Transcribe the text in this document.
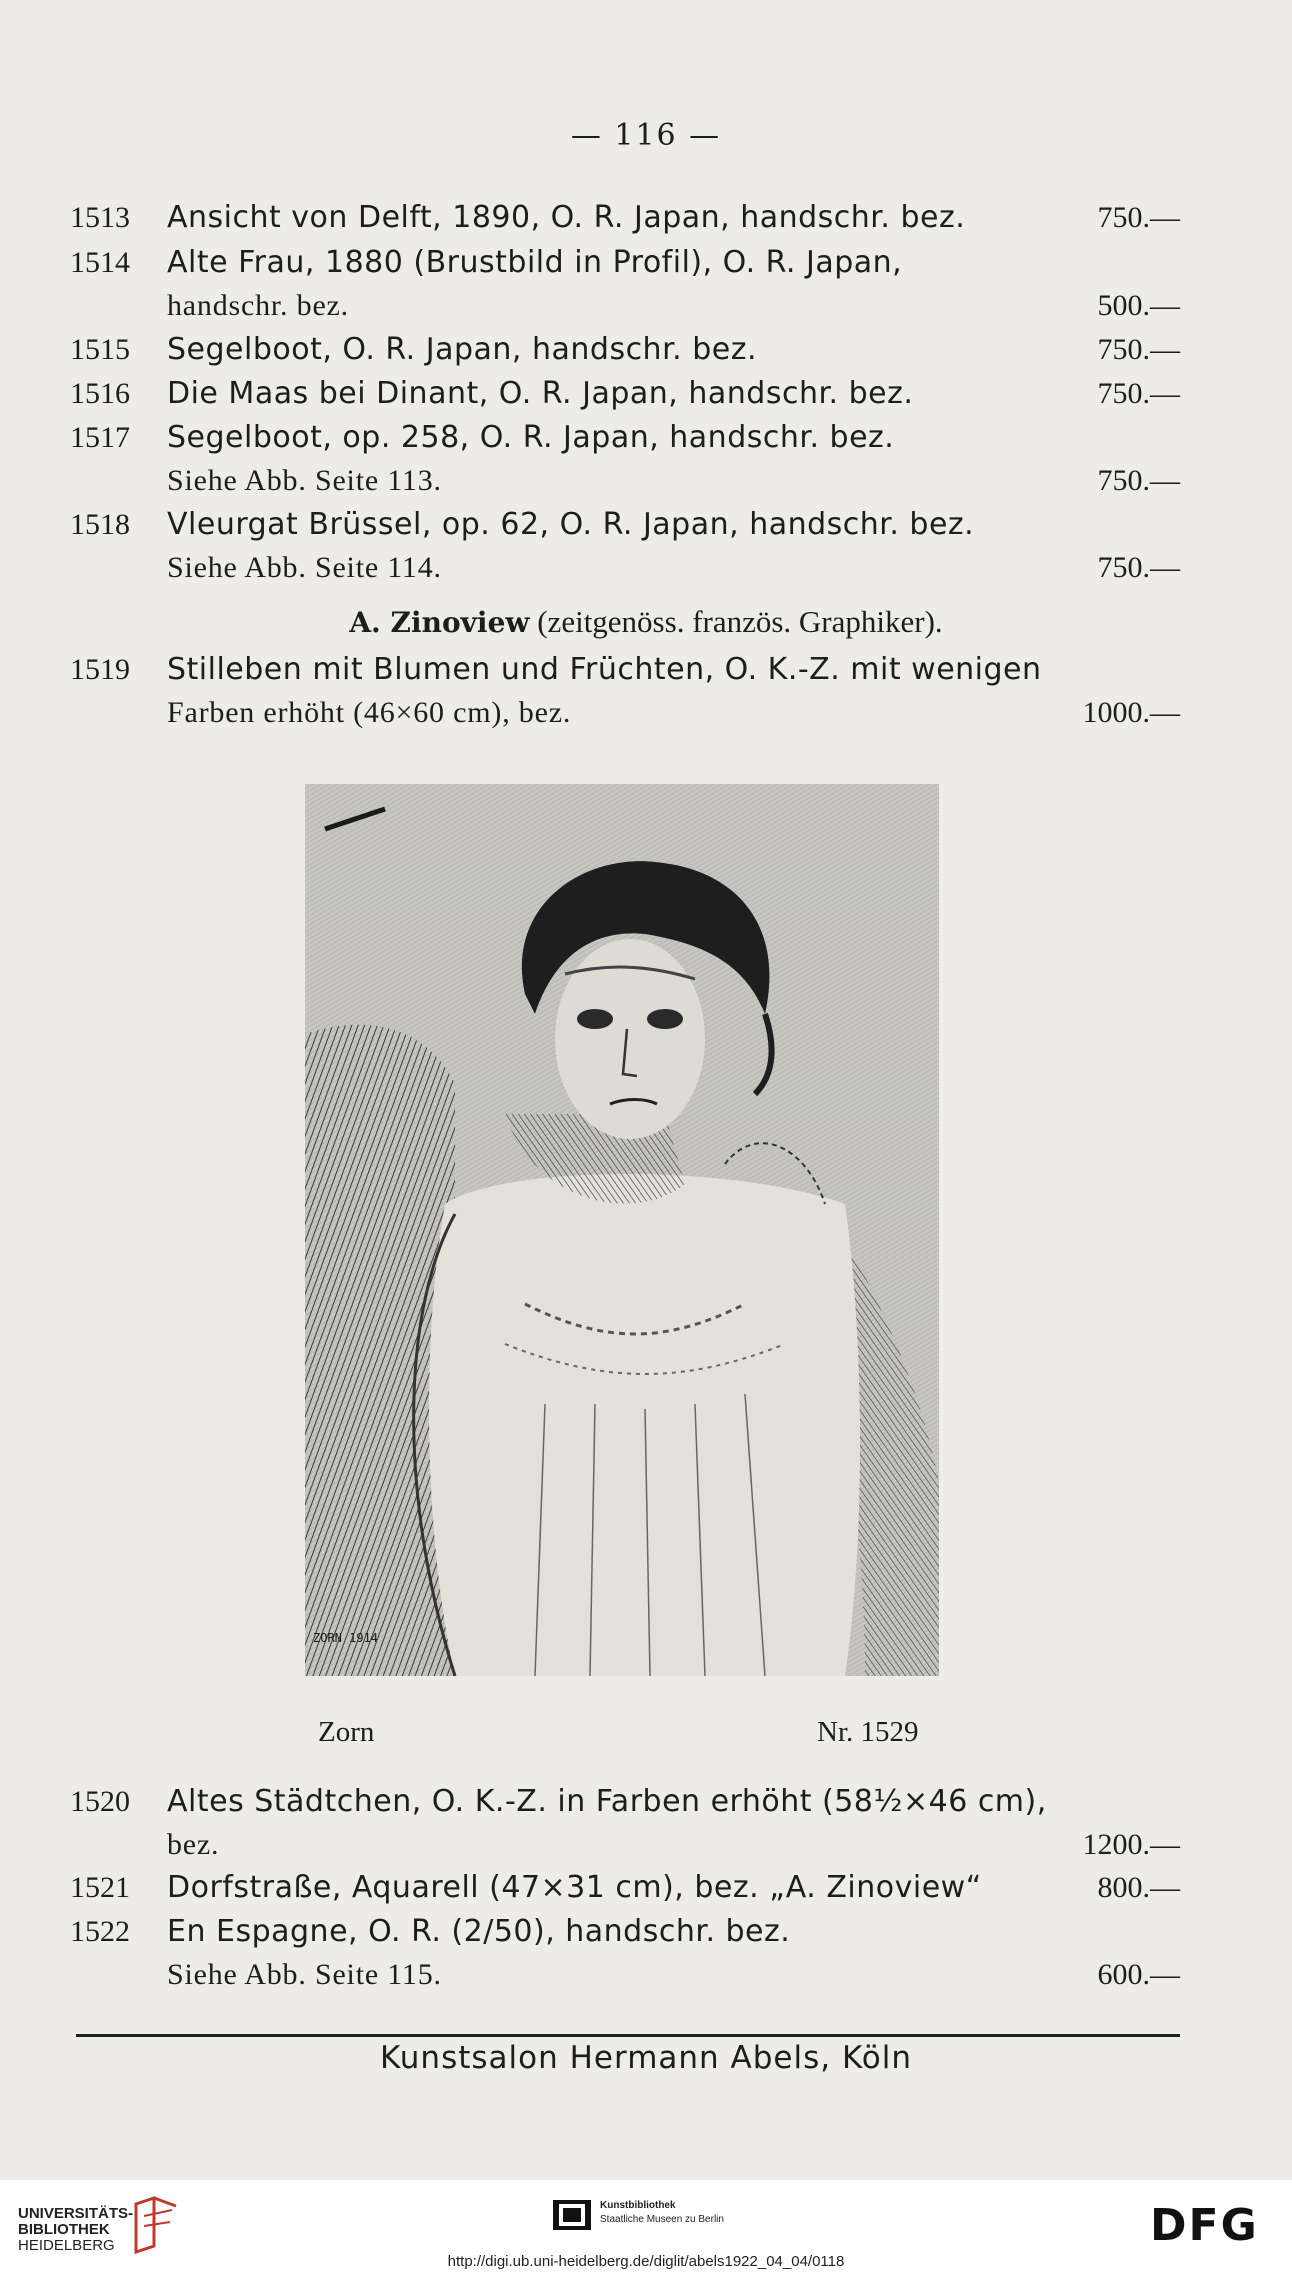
— 116 —
1513	Ansicht von Delft, 1890, O. R. Japan, handschr. bez.	750.—
1514	Alte Frau, 1880 (Brustbild in Profil), O. R. Japan,
handschr. bez.	500.—
1515	Segelboot, O. R. Japan, handschr. bez.	750.—
1516	Die Maas bei Dinant, O. R. Japan, handschr. bez.	750.—
1517	Segelboot, op. 258, O. R. Japan, handschr. bez.
Siehe Abb. Seite 113.	750.—
1518	Vleurgat Brüssel, op. 62, O. R. Japan, handschr. bez.
Siehe Abb. Seite 114.	750.—
A. Zinoview (zeitgenöss. französ. Graphiker).
1519	Stilleben mit Blumen und Früchten, O. K.-Z. mit wenigen
Farben erhöht (46×60 cm), bez.	1000.—
ZORN 1914
Zorn	Nr. 1529
1520	Altes Städtchen, O. K.-Z. in Farben erhöht (58½×46 cm),
bez.	1200.—
1521	Dorfstraße, Aquarell (47×31 cm), bez. „A. Zinoview“	800.—
1522	En Espagne, O. R. (2/50), handschr. bez.
Siehe Abb. Seite 115.	600.—
Kunstsalon Hermann Abels, Köln
UNIVERSITÄTS-
BIBLIOTHEK
HEIDELBERG
Kunstbibliothek
Staatliche Museen zu Berlin	DFG
http://digi.ub.uni-heidelberg.de/diglit/abels1922_04_04/0118
